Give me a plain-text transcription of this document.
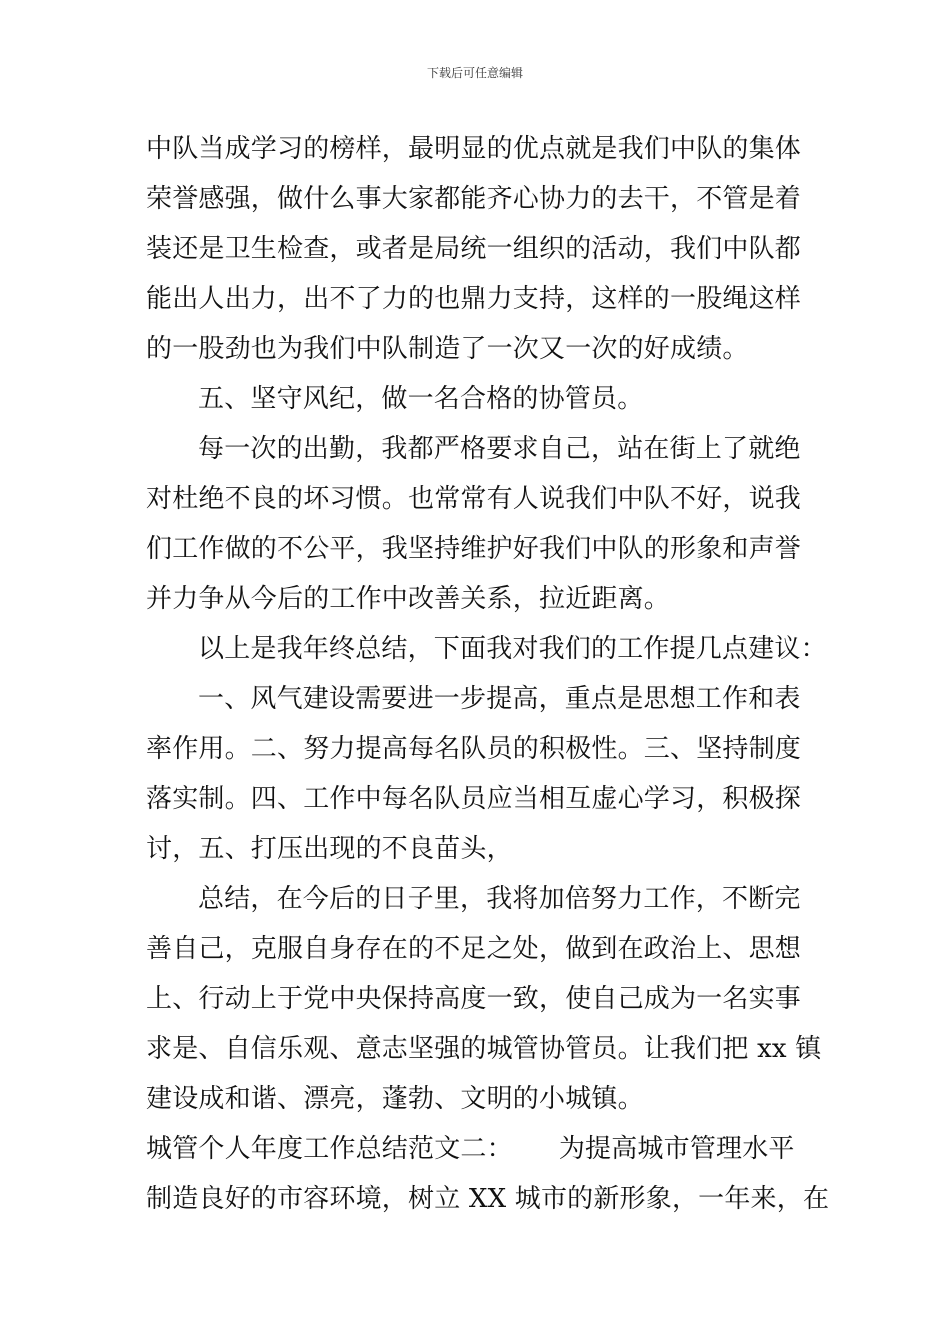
下载后可任意编辑
中队当成学习的榜样，最明显的优点就是我们中队的集体
荣誉感强，做什么事大家都能齐心协力的去干，不管是着
装还是卫生检查，或者是局统一组织的活动，我们中队都
能出人出力，出不了力的也鼎力支持，这样的一股绳这样
的一股劲也为我们中队制造了一次又一次的好成绩。
五、坚守风纪，做一名合格的协管员。
每一次的出勤，我都严格要求自己，站在街上了就绝
对杜绝不良的坏习惯。也常常有人说我们中队不好，说我
们工作做的不公平，我坚持维护好我们中队的形象和声誉
并力争从今后的工作中改善关系，拉近距离。
以上是我年终总结，下面我对我们的工作提几点建议：
一、风气建设需要进一步提高，重点是思想工作和表
率作用。二、努力提高每名队员的积极性。三、坚持制度
落实制。四、工作中每名队员应当相互虚心学习，积极探
讨，五、打压出现的不良苗头，
总结，在今后的日子里，我将加倍努力工作，不断完
善自己，克服自身存在的不足之处，做到在政治上、思想
上、行动上于党中央保持高度一致，使自己成为一名实事
求是、自信乐观、意志坚强的城管协管员。让我们把 xx 镇
建设成和谐、漂亮，蓬勃、文明的小城镇。
城管个人年度工作总结范文二： 为提高城市管理水平
制造良好的市容环境，树立 XX 城市的新形象，一年来，在
